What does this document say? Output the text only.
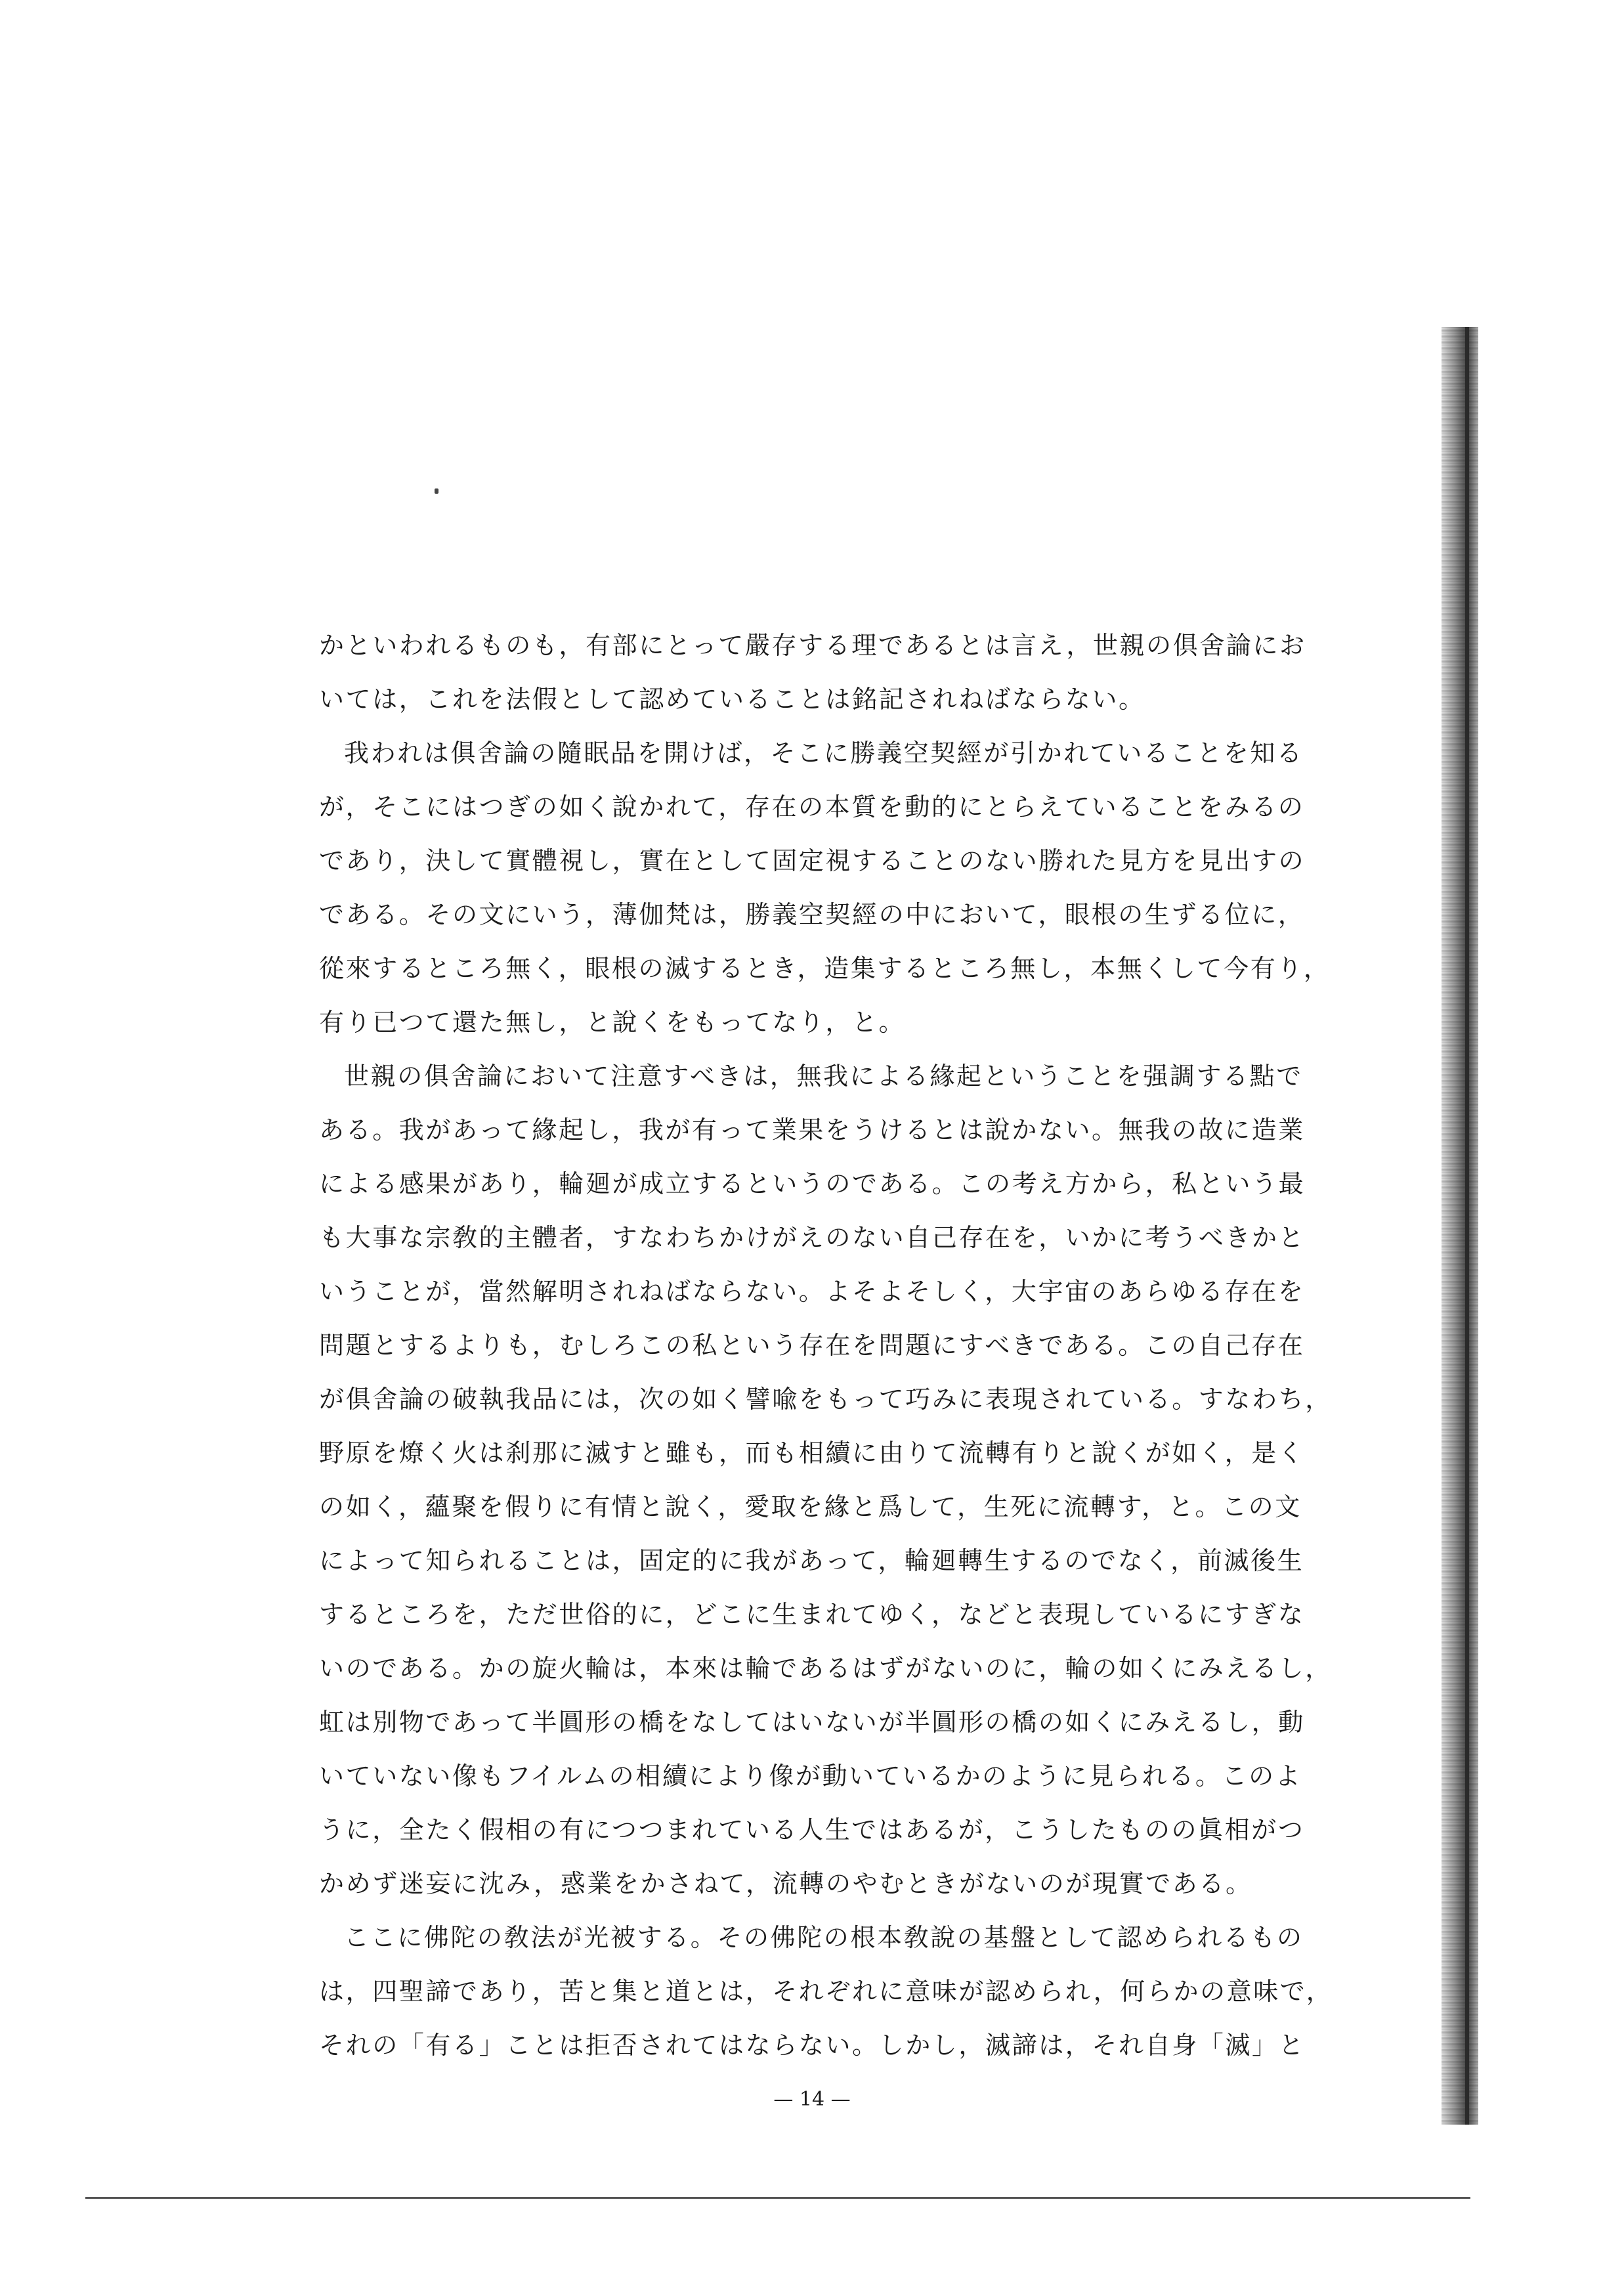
かといわれるものも，有部にとって嚴存する理であるとは言え，世親の俱舍論にお
いては，これを法假として認めていることは銘記されねばならない。
我われは俱舍論の隨眠品を開けば，そこに勝義空契經が引かれていることを知る
が，そこにはつぎの如く說かれて，存在の本質を動的にとらえていることをみるの
であり，決して實體視し，實在として固定視することのない勝れた見方を見出すの
である。その文にいう，薄伽梵は，勝義空契經の中において，眼根の生ずる位に，
從來するところ無く，眼根の滅するとき，造集するところ無し，本無くして今有り，
有り已つて還た無し，と說くをもってなり，と。
世親の俱舍論において注意すべきは，無我による緣起ということを强調する點で
ある。我があって緣起し，我が有って業果をうけるとは說かない。無我の故に造業
による感果があり，輪廻が成立するというのである。この考え方から，私という最
も大事な宗敎的主體者，すなわちかけがえのない自己存在を，いかに考うべきかと
いうことが，當然解明されねばならない。よそよそしく，大宇宙のあらゆる存在を
問題とするよりも，むしろこの私という存在を問題にすべきである。この自己存在
が俱舍論の破執我品には，次の如く譬喩をもって巧みに表現されている。すなわち，
野原を燎く火は刹那に滅すと雖も，而も相續に由りて流轉有りと說くが如く，是く
の如く，蘊聚を假りに有情と說く，愛取を緣と爲して，生死に流轉す，と。この文
によって知られることは，固定的に我があって，輪廻轉生するのでなく，前滅後生
するところを，ただ世俗的に，どこに生まれてゆく，などと表現しているにすぎな
いのである。かの旋火輪は，本來は輪であるはずがないのに，輪の如くにみえるし，
虹は別物であって半圓形の橋をなしてはいないが半圓形の橋の如くにみえるし，動
いていない像もフイルムの相續により像が動いているかのように見られる。このよ
うに，全たく假相の有につつまれている人生ではあるが，こうしたものの眞相がつ
かめず迷妄に沈み，惑業をかさねて，流轉のやむときがないのが現實である。
ここに佛陀の敎法が光被する。その佛陀の根本敎說の基盤として認められるもの
は，四聖諦であり，苦と集と道とは，それぞれに意味が認められ，何らかの意味で，
それの「有る」ことは拒否されてはならない。しかし，滅諦は，それ自身「滅」と
— 14 —
